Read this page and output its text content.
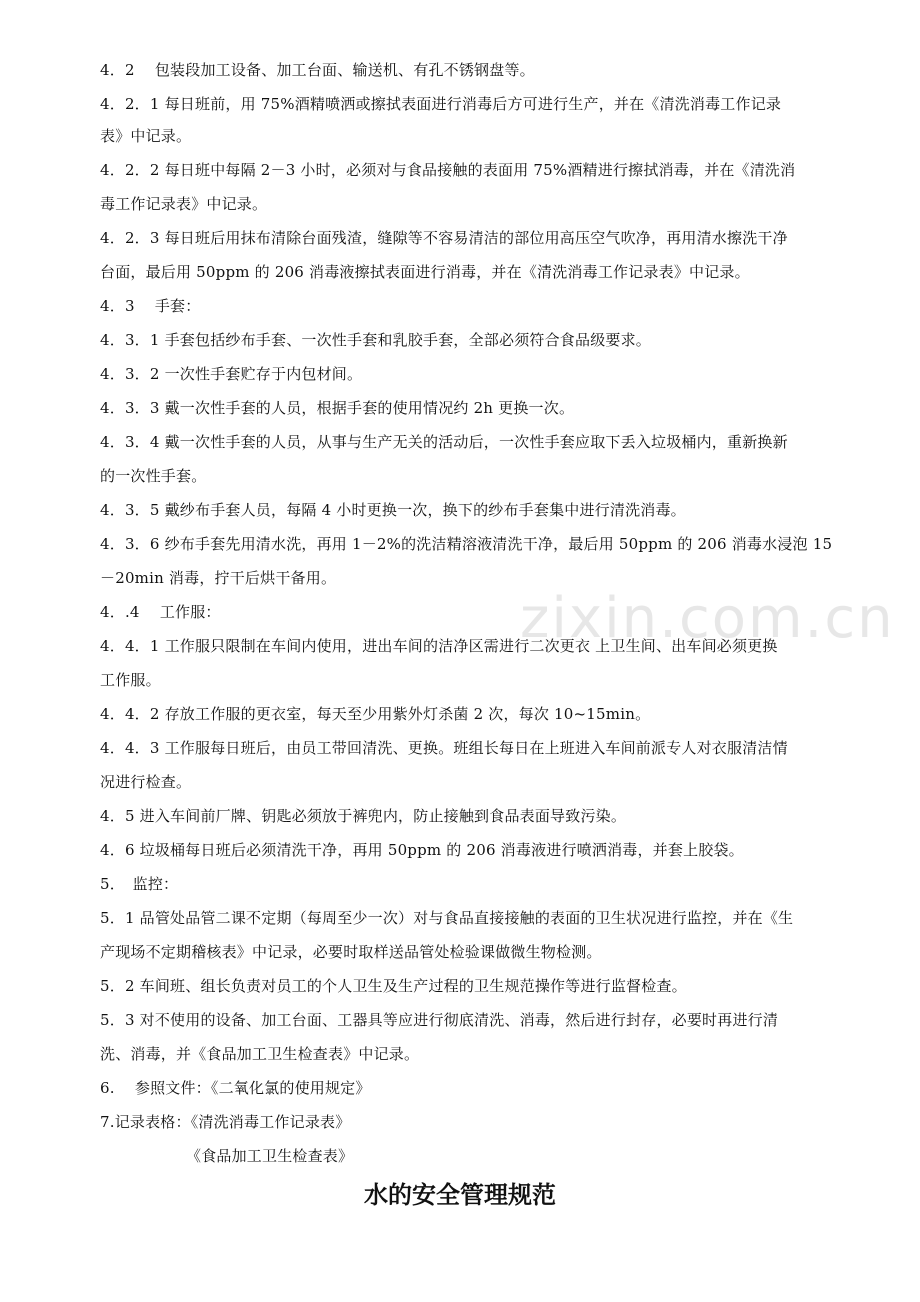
zixin.com.cn
4．2　 包装段加工设备、加工台面、输送机、有孔不锈钢盘等。
4．2．1 每日班前，用 75%酒精喷洒或擦拭表面进行消毒后方可进行生产，并在《清洗消毒工作记录
表》中记录。
4．2．2 每日班中每隔 2－3 小时，必须对与食品接触的表面用 75%酒精进行擦拭消毒，并在《清洗消
毒工作记录表》中记录。
4．2．3 每日班后用抹布清除台面残渣，缝隙等不容易清洁的部位用高压空气吹净，再用清水擦洗干净
台面，最后用 50ppm 的 206 消毒液擦拭表面进行消毒，并在《清洗消毒工作记录表》中记录。
4．3　 手套：
4．3．1 手套包括纱布手套、一次性手套和乳胶手套，全部必须符合食品级要求。
4．3．2 一次性手套贮存于内包材间。
4．3．3 戴一次性手套的人员，根据手套的使用情况约 2h 更换一次。
4．3．4 戴一次性手套的人员，从事与生产无关的活动后，一次性手套应取下丢入垃圾桶内，重新换新
的一次性手套。
4．3．5 戴纱布手套人员，每隔 4 小时更换一次，换下的纱布手套集中进行清洗消毒。
4．3．6 纱布手套先用清水洗，再用 1－2%的洗洁精溶液清洗干净，最后用 50ppm 的 206 消毒水浸泡 15
－20min 消毒，拧干后烘干备用。
4．.4　 工作服：
4．4．1 工作服只限制在车间内使用，进出车间的洁净区需进行二次更衣 上卫生间、出车间必须更换
工作服。
4．4．2 存放工作服的更衣室，每天至少用紫外灯杀菌 2 次，每次 10~15min。
4．4．3 工作服每日班后，由员工带回清洗、更换。班组长每日在上班进入车间前派专人对衣服清洁情
况进行检查。
4．5 进入车间前厂牌、钥匙必须放于裤兜内，防止接触到食品表面导致污染。
4．6 垃圾桶每日班后必须清洗干净，再用 50ppm 的 206 消毒液进行喷洒消毒，并套上胶袋。
5．　监控：
5．1 品管处品管二课不定期（每周至少一次）对与食品直接接触的表面的卫生状况进行监控，并在《生
产现场不定期稽核表》中记录，必要时取样送品管处检验课做微生物检测。
5．2 车间班、组长负责对员工的个人卫生及生产过程的卫生规范操作等进行监督检查。
5．3 对不使用的设备、加工台面、工器具等应进行彻底清洗、消毒，然后进行封存，必要时再进行清
洗、消毒，并《食品加工卫生检查表》中记录。
6.　 参照文件：《二氧化氯的使用规定》
7.记录表格：《清洗消毒工作记录表》
《食品加工卫生检查表》
水的安全管理规范
